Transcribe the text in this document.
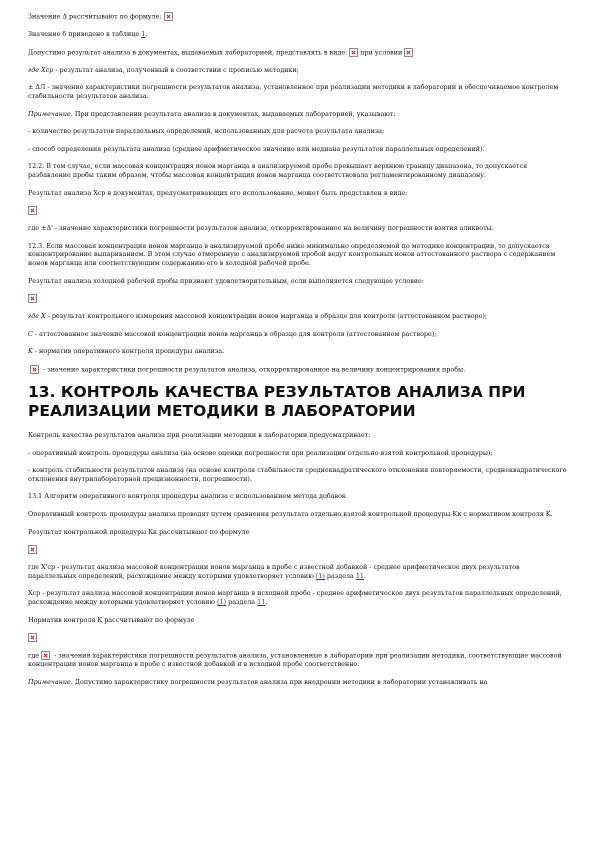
Значение Δ рассчитывают по формуле:

Значение δ приведено в таблице 1.

Допустимо результат анализа в документах, выдаваемых лабораторией, представлять в виде: при условии

где Xср - результат анализа, полученный в соответствии с прописью методики;

± ΔЛ - значение характеристики погрешности результатов анализа, установленное при реализации методики в лаборатории и обеспечиваемое контролем стабильности результатов анализа.

Примечание. При представлении результата анализа в документах, выдаваемых лабораторией, указывают:

- количество результатов параллельных определений, использованных для расчета результата анализа;

- способ определения результата анализа (среднее арифметическое значение или медиана результатов параллельных определений).

12.2. В том случае, если массовая концентрация ионов марганца в анализируемой пробе превышает верхнюю границу диапазона, то допускается разбавление пробы таким образом, чтобы массовая концентрация ионов марганца соответствовала регламентированному диапазону.

Результат анализа Xср в документах, предусматривающих его использование, может быть представлен в виде:

где ±Δ' - значение характеристики погрешности результатов анализа, откорректированное на величину погрешности взятия аликвоты.

12.3. Если массовая концентрация ионов марганца в анализируемой пробе ниже минимально определяемой по методике концентрации, то допускается концентрирование выпариванием. В этом случае отмеренную с анализируемой пробой ведут контрольных ионов аттестованного раствора с содержанием ионов марганца или соответствующим содержанию его в холодной рабочей пробе.

Результат анализа холодной рабочей пробы признают удовлетворительным, если выполняется следующее условие:

где X - результат контрольного измерения массовой концентрации ионов марганца в образце для контроля (аттестованном растворе);

C - аттестованное значение массовой концентрации ионов марганца в образце для контроля (аттестованном растворе);

K - норматив оперативного контроля процедуры анализа.

- значение характеристики погрешности результатов анализа, откорректированное на величину концентрирования пробы.

13. КОНТРОЛЬ КАЧЕСТВА РЕЗУЛЬТАТОВ АНАЛИЗА ПРИ РЕАЛИЗАЦИИ МЕТОДИКИ В ЛАБОРАТОРИИ

Контроль качества результатов анализа при реализации методики в лаборатории предусматривает:

- оперативный контроль процедуры анализа (на основе оценки погрешности при реализации отдельно взятой контрольной процедуры);

- контроль стабильности результатов анализа (на основе контроля стабильности среднеквадратического отклонения повторяемости, среднеквадратического отклонения внутрилабораторной прецизионности, погрешности).

13.1 Алгоритм оперативного контроля процедуры анализа с использованием метода добавок

Оперативный контроль процедуры анализа проводят путем сравнения результата отдельно взятой контрольной процедуры Kк с нормативом контроля K.

Результат контрольной процедуры Kк рассчитывают по формуле

где X'ср - результат анализа массовой концентрации ионов марганца в пробе с известной добавкой - среднее арифметическое двух результатов параллельных определений, расхождение между которыми удовлетворяет условию (1) раздела 11.

Xср - результат анализа массовой концентрации ионов марганца в исходной пробе - среднее арифметическое двух результатов параллельных определений, расхождение между которыми удовлетворяет условию (1) раздела 11.

Норматив контроля K рассчитывают по формуле

где - значения характеристики погрешности результатов анализа, установленные в лаборатории при реализации методики, соответствующие массовой концентрации ионов марганца в пробе с известной добавкой и в исходной пробе соответственно.

Примечание. Допустимо характеристику погрешности результатов анализа при внедрении методики в лаборатории устанавливать на
